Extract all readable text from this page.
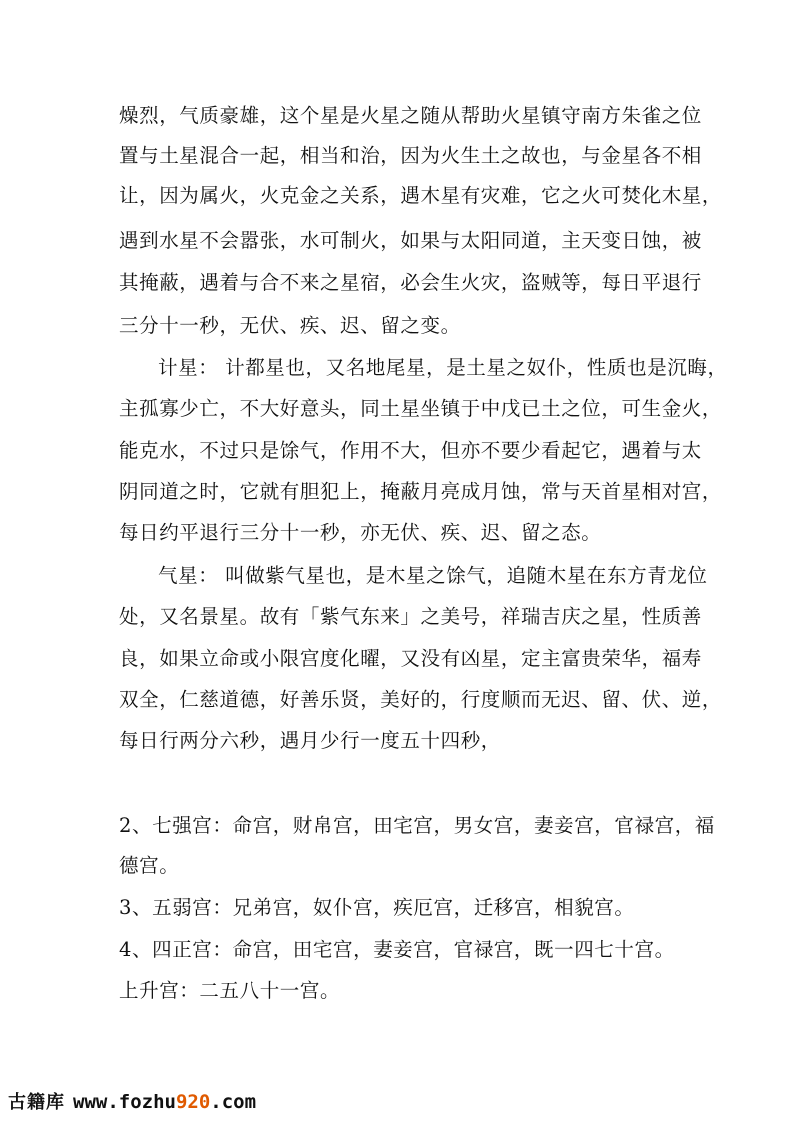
燥烈，气质豪雄，这个星是火星之随从帮助火星镇守南方朱雀之位
置与土星混合一起，相当和治，因为火生土之故也，与金星各不相
让，因为属火，火克金之关系，遇木星有灾难，它之火可焚化木星，
遇到水星不会嚣张，水可制火，如果与太阳同道，主天变日蚀，被
其掩蔽，遇着与合不来之星宿，必会生火灾，盗贼等，每日平退行
三分十一秒，无伏、疾、迟、留之变。
计星： 计都星也，又名地尾星，是土星之奴仆，性质也是沉晦，
主孤寡少亡，不大好意头，同土星坐镇于中戊已土之位，可生金火，
能克水，不过只是馀气，作用不大，但亦不要少看起它，遇着与太
阴同道之时，它就有胆犯上，掩蔽月亮成月蚀，常与天首星相对宫，
每日约平退行三分十一秒，亦无伏、疾、迟、留之态。
气星： 叫做紫气星也，是木星之馀气，追随木星在东方青龙位
处，又名景星。故有「紫气东来」之美号，祥瑞吉庆之星，性质善
良，如果立命或小限宫度化曜，又没有凶星，定主富贵荣华，福寿
双全，仁慈道德，好善乐贤，美好的，行度顺而无迟、留、伏、逆，
每日行两分六秒，遇月少行一度五十四秒，
2、七强宫：命宫，财帛宫，田宅宫，男女宫，妻妾宫，官禄宫，福
德宫。
3、五弱宫：兄弟宫，奴仆宫，疾厄宫，迁移宫，相貌宫。
4、四正宫：命宫，田宅宫，妻妾宫，官禄宫，既一四七十宫。
上升宫：二五八十一宫。
古籍库 www.fozhu920.com
